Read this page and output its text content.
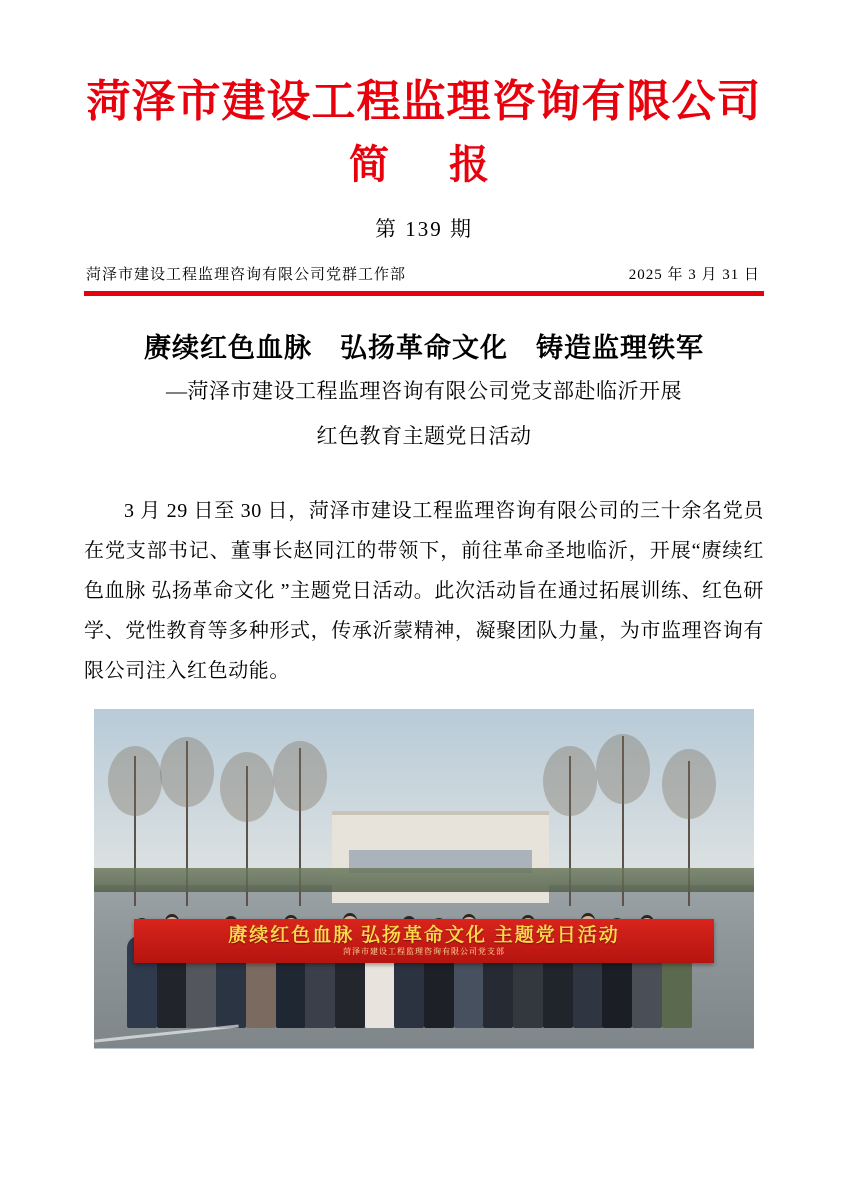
菏泽市建设工程监理咨询有限公司
简　报
第 139 期
菏泽市建设工程监理咨询有限公司党群工作部	2025 年 3 月 31 日
赓续红色血脉　弘扬革命文化　铸造监理铁军
—菏泽市建设工程监理咨询有限公司党支部赴临沂开展
红色教育主题党日活动
3 月 29 日至 30 日，菏泽市建设工程监理咨询有限公司的三十余名党员在党支部书记、董事长赵同江的带领下，前往革命圣地临沂，开展“赓续红色血脉 弘扬革命文化 ”主题党日活动。此次活动旨在通过拓展训练、红色研学、党性教育等多种形式，传承沂蒙精神，凝聚团队力量，为市监理咨询有限公司注入红色动能。
赓续红色血脉 弘扬革命文化 主题党日活动
菏泽市建设工程监理咨询有限公司党支部
